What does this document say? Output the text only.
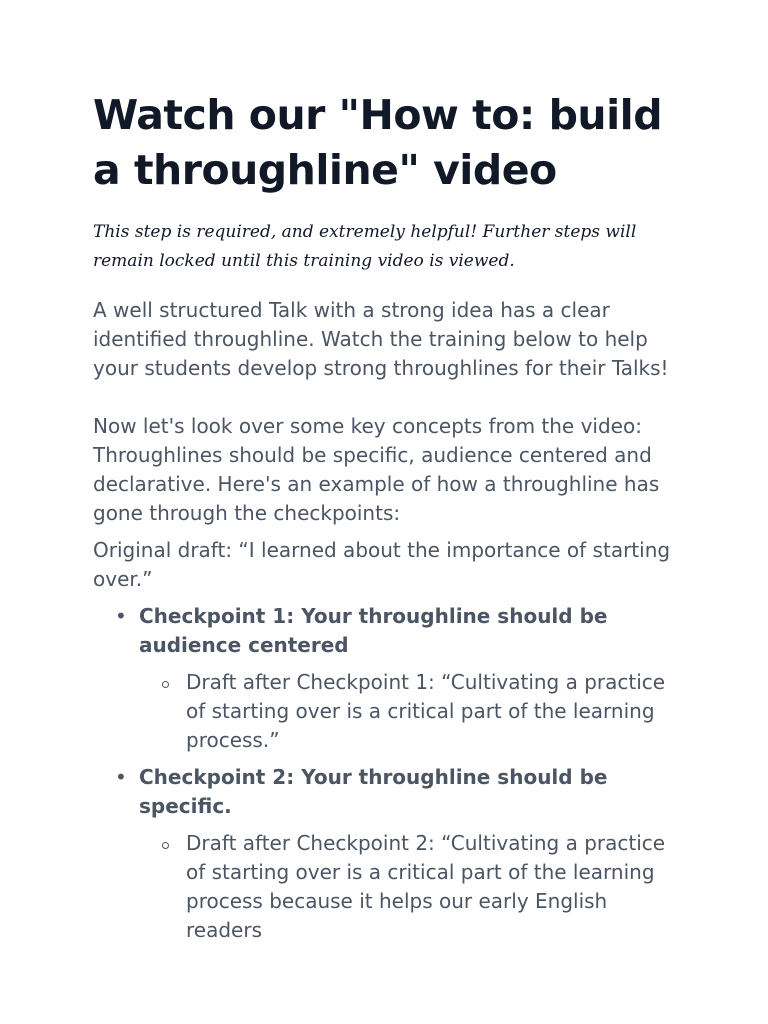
Watch our "How to: build a throughline" video

This step is required, and extremely helpful! Further steps will remain locked until this training video is viewed.

A well structured Talk with a strong idea has a clear identified throughline. Watch the training below to help your students develop strong throughlines for their Talks!

Now let's look over some key concepts from the video: Throughlines should be specific, audience centered and declarative. Here's an example of how a throughline has gone through the checkpoints:

Original draft: “I learned about the importance of starting over.”

• Checkpoint 1: Your throughline should be audience centered
Draft after Checkpoint 1: “Cultivating a practice of starting over is a critical part of the learning process.”
• Checkpoint 2: Your throughline should be specific.
Draft after Checkpoint 2: “Cultivating a practice of starting over is a critical part of the learning process because it helps our early English readers
